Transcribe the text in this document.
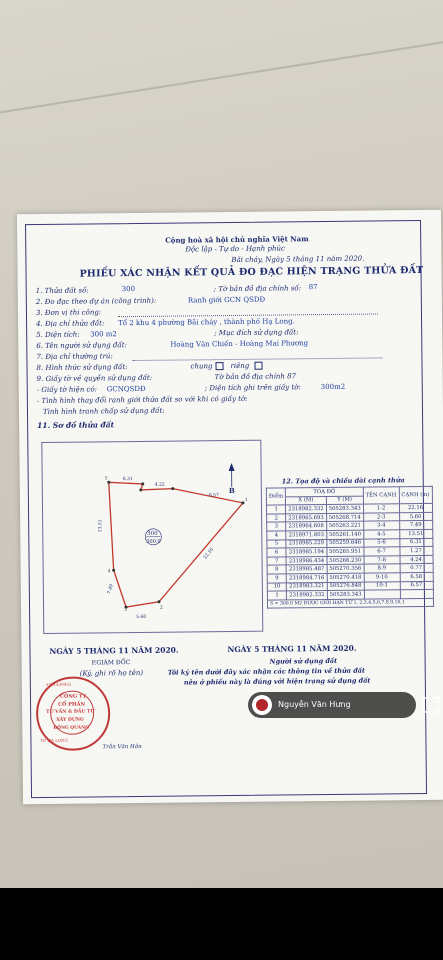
Cộng hoà xã hội chủ nghĩa Việt Nam
Độc lập - Tự do - Hạnh phúc
Bãi cháy, Ngày 5 tháng 11 năm 2020.
PHIẾU XÁC NHẬN KẾT QUẢ ĐO ĐẠC HIỆN TRẠNG THỬA ĐẤT
1. Thửa đất số:	300	; Tờ bản đồ địa chính số: 87
2. Đo đạc theo dự án (công trình):	Ranh giới GCN QSDĐ
3. Đơn vị thi công:
4. Địa chỉ thửa đất: Tổ 2 khu 4 phường Bãi cháy , thành phố Hạ Long.
5. Diện tích: 300 m2	; Mục đích sử dụng đất:
6. Tên người sử dụng đất:	Hoàng Văn Chiến - Hoàng Mai Phương
7. Địa chỉ thường trú:
8. Hình thức sử dụng đất:	chung	riêng
9. Giấy tờ về quyền sử dụng đất:	Tờ bản đồ địa chính 87
- Giấy tờ hiện có: GCNQSDĐ	; Diện tích ghi trên giấy tờ:	300m2
- Tình hình thay đổi ranh giới thửa đất so với khi có giấy tờ:
Tình hình tranh chấp sử dụng đất:
11. Sơ đồ thửa đất
B
300
300.0
6.31
4.22
5.60
22.16
13.51
7.49
6.57
5
3	2
1
4
12. Tọa độ và chiều dài cạnh thửa
Điểm	TOẠ ĐỘ		TÊN CẠNH	CẠNH (m)
	X (M)	Y (M)		
1	2318982.332	505283.343	1-2	22.16
2	2318965.693	505268.714	2-3	5.60
3	2318964.608	505263.221	3-4	7.49
4	2318971.803	505261.140	4-5	13.51
5	2318985.229	505259.646	5-6	6.31
6	2318985.194	505265.951	6-7	1.27
7	2318986.434	505266.230	7-8	4.24
8	2318985.487	505270.356	8-9	0.77
9	2318984.716	505270.418	9-10	6.58
10	2318983.321	505276.848	10-1	6.57
1	2318982.332	505283.343		
S = 300.0 M2 ĐƯỢC GIỚI HẠN TỪ 1, 2,3,4,5,6,7,8,9,10,1				
NGÀY 5 THÁNG 11 NĂM 2020.
P.GIÁM ĐỐC
(Ký, ghi rõ họ tên)
Trần Văn Hân
NGÀY 5 THÁNG 11 NĂM 2020.
Người sử dụng đất
Tôi ký tên dưới đây xác nhận các thông tin về thửa đất
nêu ở phiếu này là đúng với hiện trạng sử dụng đất
CÔNG TY
CỔ PHẦN
TƯ VẤN & ĐẦU TƯ
XÂY DỰNG
ĐÔNG QUANG
TP. HẠ LONG
5701439435
Nguyễn Văn Hưng
